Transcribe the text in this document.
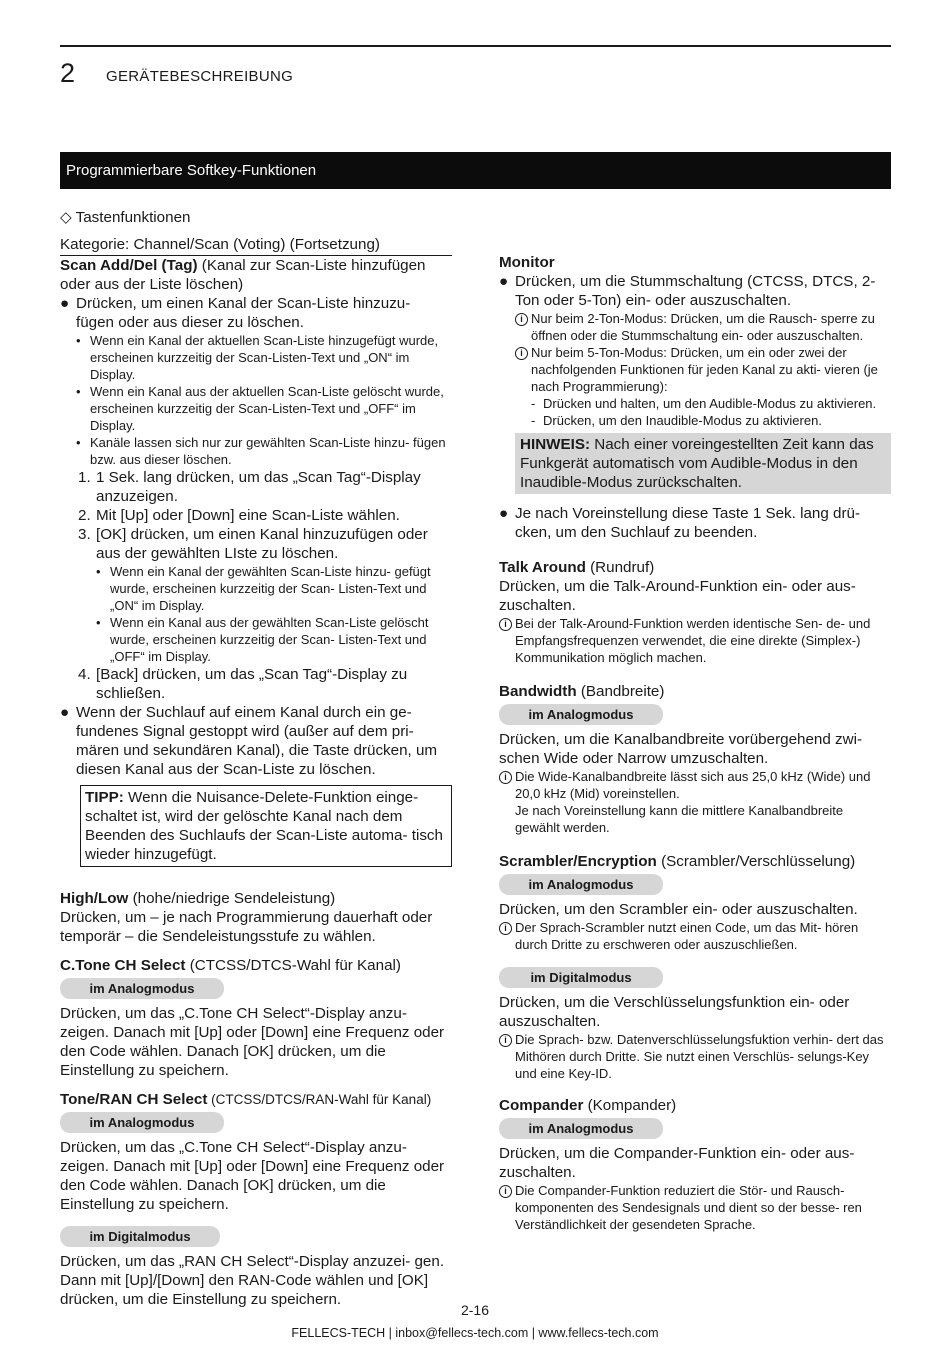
2 GERÄTEBESCHREIBUNG
Programmierbare Softkey-Funktionen

◇ Tastenfunktionen

Kategorie: Channel/Scan (Voting) (Fortsetzung)

Scan Add/Del (Tag) (Kanal zur Scan-Liste hinzufügen oder aus der Liste löschen)

● Drücken, um einen Kanal der Scan-Liste hinzuzu- fügen oder aus dieser zu löschen.
• Wenn ein Kanal der aktuellen Scan-Liste hinzugefügt wurde, erscheinen kurzzeitig der Scan-Listen-Text und „ON“ im Display.
• Wenn ein Kanal aus der aktuellen Scan-Liste gelöscht wurde, erscheinen kurzzeitig der Scan-Listen-Text und „OFF“ im Display.
• Kanäle lassen sich nur zur gewählten Scan-Liste hinzu- fügen bzw. aus dieser löschen.
1. 1 Sek. lang drücken, um das „Scan Tag“-Display anzuzeigen.
2. Mit [Up] oder [Down] eine Scan-Liste wählen.
3. [OK] drücken, um einen Kanal hinzuzufügen oder aus der gewählten LIste zu löschen.
• Wenn ein Kanal der gewählten Scan-Liste hinzu- gefügt wurde, erscheinen kurzzeitig der Scan- Listen-Text und „ON“ im Display.
• Wenn ein Kanal aus der gewählten Scan-Liste gelöscht wurde, erscheinen kurzzeitig der Scan- Listen-Text und „OFF“ im Display.
4. [Back] drücken, um das „Scan Tag“-Display zu schließen.
● Wenn der Suchlauf auf einem Kanal durch ein ge- fundenes Signal gestoppt wird (außer auf dem pri- mären und sekundären Kanal), die Taste drücken, um diesen Kanal aus der Scan-Liste zu löschen.
TIPP: Wenn die Nuisance-Delete-Funktion einge- schaltet ist, wird der gelöschte Kanal nach dem Beenden des Suchlaufs der Scan-Liste automa- tisch wieder hinzugefügt.

High/Low (hohe/niedrige Sendeleistung)

Drücken, um – je nach Programmierung dauerhaft oder temporär – die Sendeleistungsstufe zu wählen.

C.Tone CH Select (CTCSS/DTCS-Wahl für Kanal)

im Analogmodus

Drücken, um das „C.Tone CH Select“-Display anzu- zeigen. Danach mit [Up] oder [Down] eine Frequenz oder den Code wählen. Danach [OK] drücken, um die Einstellung zu speichern.

Tone/RAN CH Select (CTCSS/DTCS/RAN-Wahl für Kanal)

im Analogmodus

Drücken, um das „C.Tone CH Select“-Display anzu- zeigen. Danach mit [Up] oder [Down] eine Frequenz oder den Code wählen. Danach [OK] drücken, um die Einstellung zu speichern.

im Digitalmodus

Drücken, um das „RAN CH Select“-Display anzuzei- gen. Dann mit [Up]/[Down] den RAN-Code wählen und [OK] drücken, um die Einstellung zu speichern.

Monitor

● Drücken, um die Stummschaltung (CTCSS, DTCS, 2-Ton oder 5-Ton) ein- oder auszuschalten.
i Nur beim 2-Ton-Modus: Drücken, um die Rausch- sperre zu öffnen oder die Stummschaltung ein- oder auszuschalten.
i Nur beim 5-Ton-Modus: Drücken, um ein oder zwei der nachfolgenden Funktionen für jeden Kanal zu akti- vieren (je nach Programmierung):
- Drücken und halten, um den Audible-Modus zu aktivieren.
- Drücken, um den Inaudible-Modus zu aktivieren.
HINWEIS: Nach einer voreingestellten Zeit kann das Funkgerät automatisch vom Audible-Modus in den Inaudible-Modus zurückschalten.
● Je nach Voreinstellung diese Taste 1 Sek. lang drü- cken, um den Suchlauf zu beenden.

Talk Around (Rundruf)

Drücken, um die Talk-Around-Funktion ein- oder aus- zuschalten.

i Bei der Talk-Around-Funktion werden identische Sen- de- und Empfangsfrequenzen verwendet, die eine direkte (Simplex-) Kommunikation möglich machen.

Bandwidth (Bandbreite)

im Analogmodus

Drücken, um die Kanalbandbreite vorübergehend zwi- schen Wide oder Narrow umzuschalten.

i Die Wide-Kanalbandbreite lässt sich aus 25,0 kHz (Wide) und 20,0 kHz (Mid) voreinstellen.
Je nach Voreinstellung kann die mittlere Kanalbandbreite gewählt werden.

Scrambler/Encryption (Scrambler/Verschlüsselung)

im Analogmodus

Drücken, um den Scrambler ein- oder auszuschalten.

i Der Sprach-Scrambler nutzt einen Code, um das Mit- hören durch Dritte zu erschweren oder auszuschließen.
im Digitalmodus

Drücken, um die Verschlüsselungsfunktion ein- oder auszuschalten.

i Die Sprach- bzw. Datenverschlüsselungsfuktion verhin- dert das Mithören durch Dritte. Sie nutzt einen Verschlüs- selungs-Key und eine Key-ID.

Compander (Kompander)

im Analogmodus

Drücken, um die Compander-Funktion ein- oder aus- zuschalten.

i Die Compander-Funktion reduziert die Stör- und Rausch- komponenten des Sendesignals und dient so der besse- ren Verständlichkeit der gesendeten Sprache.
2-16
FELLECS-TECH | inbox@fellecs-tech.com | www.fellecs-tech.com
